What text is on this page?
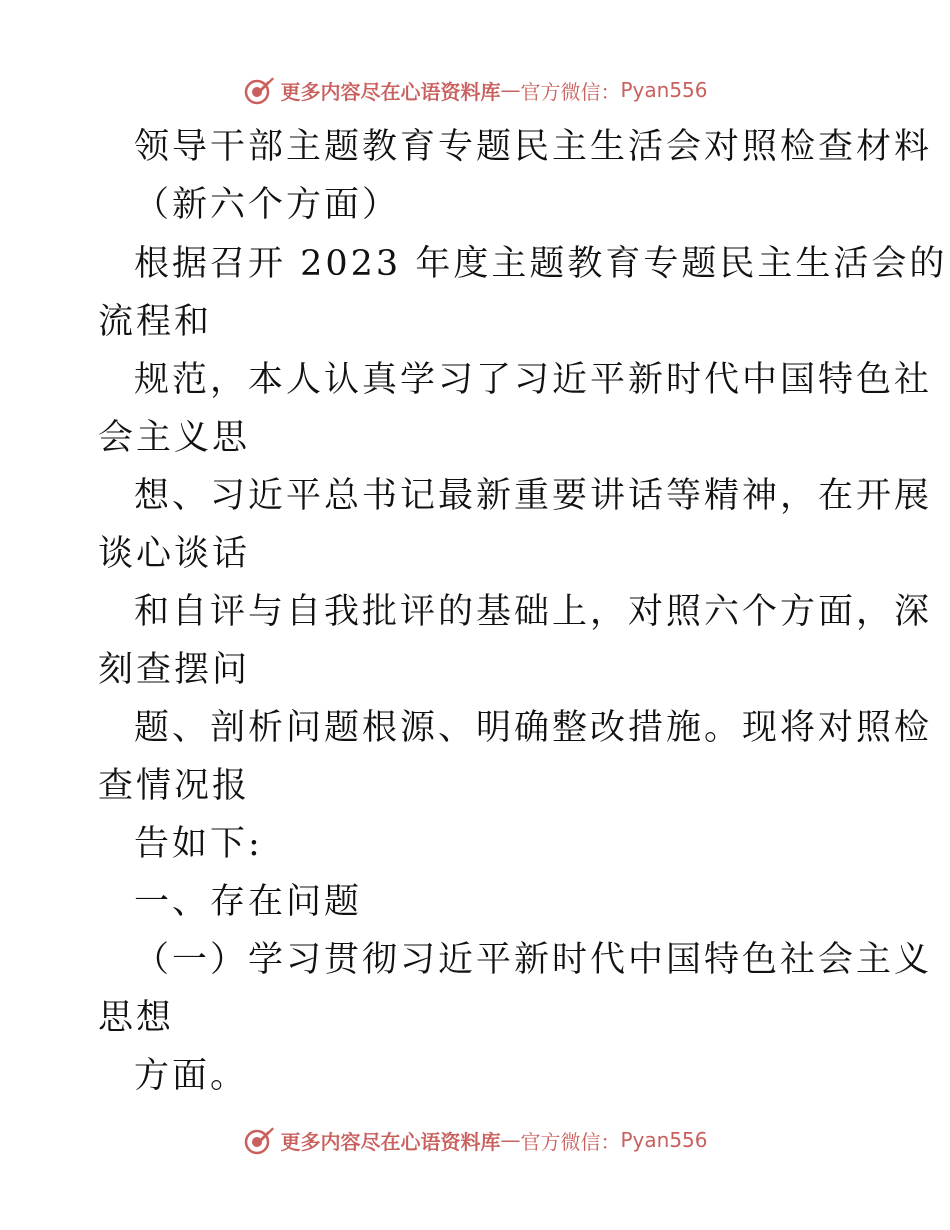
更多内容尽在心语资料库 — 官方微信： Pyan556
领导干部主题教育专题民主生活会对照检查材料
（新六个方面）
根据召开 2023 年度主题教育专题民主生活会的
流程和
规范，本人认真学习了习近平新时代中国特色社
会主义思
想、习近平总书记最新重要讲话等精神，在开展
谈心谈话
和自评与自我批评的基础上，对照六个方面，深
刻查摆问
题、剖析问题根源、明确整改措施。现将对照检
查情况报
告如下:
一、存在问题
（一）学习贯彻习近平新时代中国特色社会主义
思想
方面。
更多内容尽在心语资料库 — 官方微信： Pyan556
